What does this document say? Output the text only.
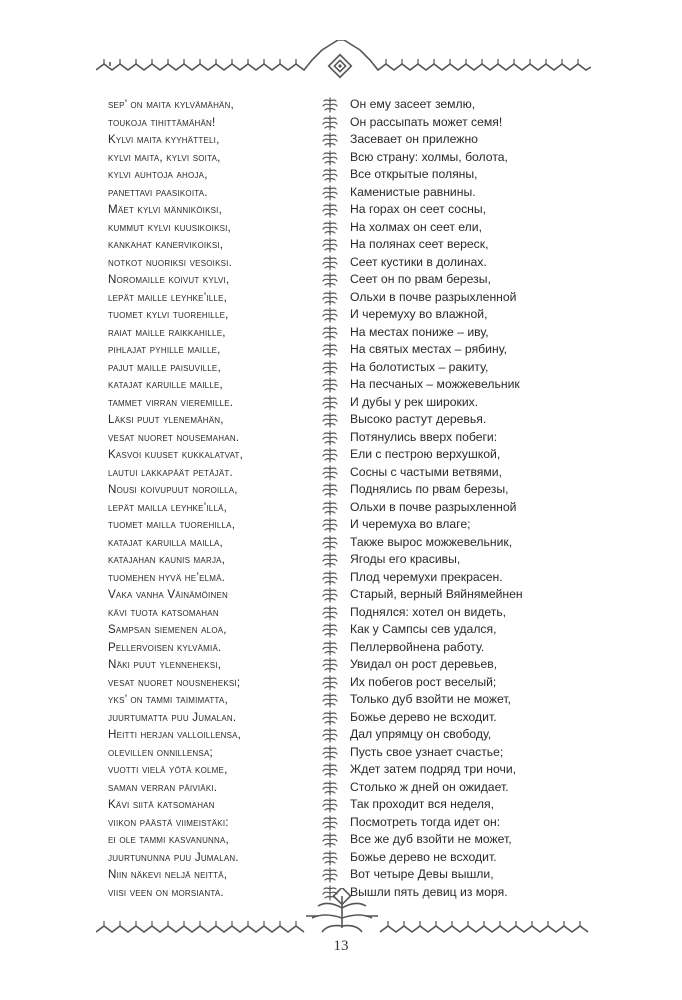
sep’ on maita kylvämähän,
toukoja tihittämähän!
Kylvi maita kyyhätteli,
kylvi maita, kylvi soita,
kylvi auhtoja ahoja,
panettavi paasikoita.
Mäet kylvi männiköiksi,
kummut kylvi kuusikoiksi,
kankahat kanervikoiksi,
notkot nuoriksi vesoiksi.
Noromaille koivut kylvi,
lepät maille leyhke’ille,
tuomet kylvi tuorehille,
raiat maille raikkahille,
pihlajat pyhille maille,
pajut maille paisuville,
katajat karuille maille,
tammet virran vieremille.
Läksi puut ylenemähän,
vesat nuoret nousemahan.
Kasvoi kuuset kukkalatvat,
lautui lakkapäät petäjät.
Nousi koivupuut noroilla,
lepät mailla leyhke’illä,
tuomet mailla tuorehilla,
katajat karuilla mailla,
katajahan kaunis marja,
tuomehen hyvä he’elmä.
Vaka vanha Väinämöinen
kävi tuota katsomahan
Sampsan siemenen aloa,
Pellervoisen kylvämiä.
Näki puut ylenneheksi,
vesat nuoret nousneheksi;
yks’ on tammi taimimatta,
juurtumatta puu Jumalan.
Heitti herjan valloillensa,
olevillen onnillensa;
vuotti vielä yötä kolme,
saman verran päiviäki.
Kävi siitä katsomahan
viikon päästä viimeistäki:
ei ole tammi kasvanunna,
juurtununna puu Jumalan.
Niin näkevi neljä neittä,
viisi veen on morsianta.
Он ему засеет землю,
Он рассыпать может семя!
Засевает он прилежно
Всю страну: холмы, болота,
Все открытые поляны,
Каменистые равнины.
На горах он сеет сосны,
На холмах он сеет ели,
На полянах сеет вереск,
Сеет кустики в долинах.
Сеет он по рвам березы,
Ольхи в почве разрыхленной
И черемуху во влажной,
На местах пониже – иву,
На святых местах – рябину,
На болотистых – ракиту,
На песчаных – можжевельник
И дубы у рек широких.
Высоко растут деревья.
Потянулись вверх побеги:
Ели с пестрою верхушкой,
Сосны с частыми ветвями,
Поднялись по рвам березы,
Ольхи в почве разрыхленной
И черемуха во влаге;
Также вырос можжевельник,
Ягоды его красивы,
Плод черемухи прекрасен.
Старый, верный Вяйнямейнен
Поднялся: хотел он видеть,
Как у Сампсы сев удался,
Пеллервойнена работу.
Увидал он рост деревьев,
Их побегов рост веселый;
Только дуб взойти не может,
Божье дерево не всходит.
Дал упрямцу он свободу,
Пусть свое узнает счастье;
Ждет затем подряд три ночи,
Столько ж дней он ожидает.
Так проходит вся неделя,
Посмотреть тогда идет он:
Все же дуб взойти не может,
Божье дерево не всходит.
Вот четыре Девы вышли,
Вышли пять девиц из моря.
13
